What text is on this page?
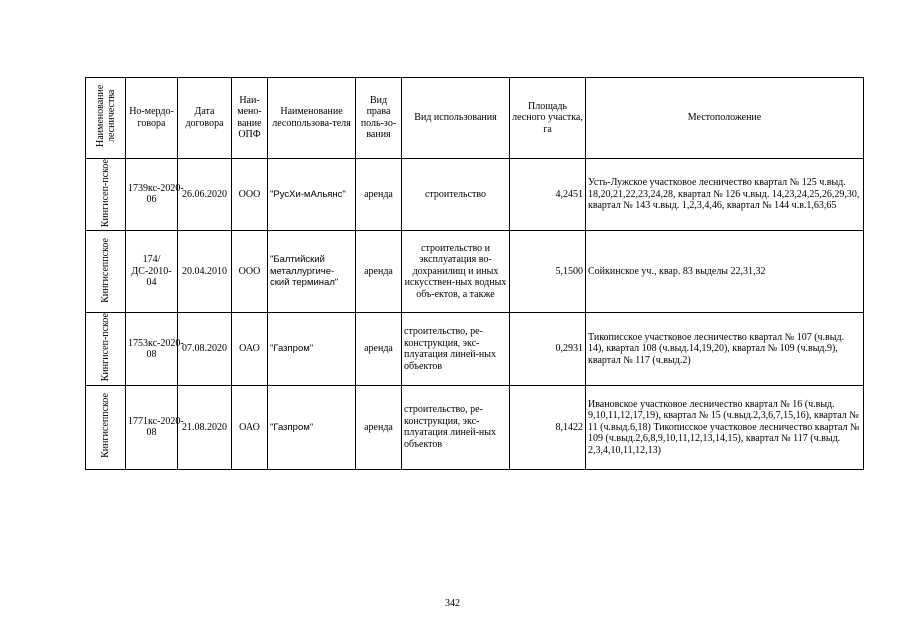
Наименование лесничества	Но-мердо-говора	Дата договора	Наи-мено-вание ОПФ	Наименование лесопользова-теля	Вид права поль-зо-вания	Вид использования	Площадь лесного участка, га	Местоположение
Кингисеп-пское	1739кс-2020-06	26.06.2020	ООО	"РусХи-мАльянс"	аренда	строительство	4,2451	Усть-Лужское участковое лесничество квартал № 125 ч.выд. 18,20,21,22,23,24,28, квартал № 126 ч.выд. 14,23,24,25,26,29,30, квартал № 143 ч.выд. 1,2,3,4,46, квартал № 144 ч.в.1,63,65
Кингисеппское	174/ДС-2010-04	20.04.2010	ООО	"Балтийский металлургиче-ский терминал"	аренда	строительство и эксплуатация во-дохранилищ и иных искусствен-ных водных объ-ектов, а также	5,1500	Сойкинское уч., квар. 83 выделы 22,31,32
Кингисеп-пское	1753кс-2020-08	07.08.2020	ОАО	"Газпром"	аренда	строительство, ре-конструкция, экс-плуатация линей-ных объектов	0,2931	Тикописское участковое лесничество квартал № 107 (ч.выд. 14), квартал 108 (ч.выд.14,19,20), квартал № 109 (ч.выд.9), квартал № 117 (ч.выд.2)
Кингисеппское	1771кс-2020-08	21.08.2020	ОАО	"Газпром"	аренда	строительство, ре-конструкция, экс-плуатация линей-ных объектов	8,1422	Ивановское участковое лесничество квартал № 16 (ч.выд. 9,10,11,12,17,19), квартал № 15 (ч.выд.2,3,6,7,15,16), квартал № 11 (ч.выд.6,18) Тикописское участковое лесничество квартал № 109 (ч.выд.2,6,8,9,10,11,12,13,14,15), квартал № 117 (ч.выд. 2,3,4,10,11,12,13)
342
